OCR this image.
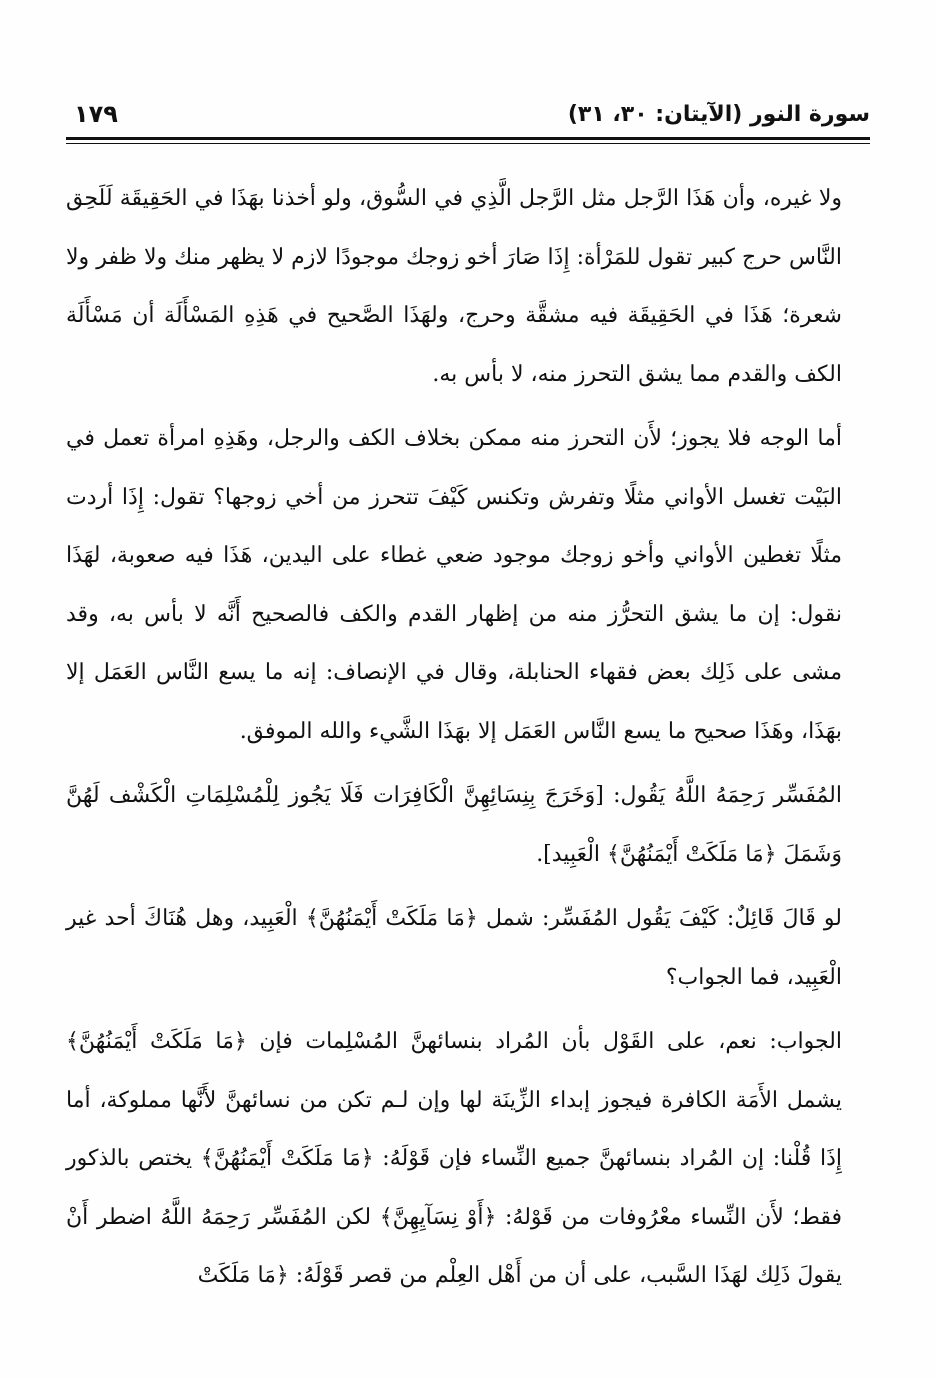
سورة النور (الآيتان: ٣٠، ٣١)
١٧٩

ولا غيره، وأن هَذَا الرَّجل مثل الرَّجل الَّذِي في السُّوق، ولو أخذنا بهَذَا في الحَقِيقَة لَلَحِق النَّاس حرج كبير تقول للمَرْأة: إِذَا صَارَ أخو زوجك موجودًا لازم لا يظهر منك ولا ظفر ولا شعرة؛ هَذَا في الحَقِيقَة فيه مشقَّة وحرج، ولهَذَا الصَّحيح في هَذِهِ المَسْأَلَة أن مَسْأَلَة الكف والقدم مما يشق التحرز منه، لا بأس به.

أما الوجه فلا يجوز؛ لأَن التحرز منه ممكن بخلاف الكف والرجل، وهَذِهِ امرأة تعمل في البَيْت تغسل الأواني مثلًا وتفرش وتكنس كَيْفَ تتحرز من أخي زوجها؟ تقول: إِذَا أردت مثلًا تغطين الأواني وأخو زوجك موجود ضعي غطاء على اليدين، هَذَا فيه صعوبة، لهَذَا نقول: إن ما يشق التحرُّز منه من إظهار القدم والكف فالصحيح أَنَّه لا بأس به، وقد مشى على ذَلِك بعض فقهاء الحنابلة، وقال في الإنصاف: إنه ما يسع النَّاس العَمَل إلا بهَذَا، وهَذَا صحيح ما يسع النَّاس العَمَل إلا بهَذَا الشَّيء والله الموفق.

المُفَسِّر رَحِمَهُ اللَّهُ يَقُول: [وَخَرَجَ بِنِسَائِهِنَّ الْكَافِرَات فَلَا يَجُوز لِلْمُسْلِمَاتِ الْكَشْف لَهُنَّ وَشَمَلَ ﴿مَا مَلَكَتْ أَيْمَنُهُنَّ﴾ الْعَبِيد].

لو قَالَ قَائِلٌ: كَيْفَ يَقُول المُفَسِّر: شمل ﴿مَا مَلَكَتْ أَيْمَنُهُنَّ﴾ الْعَبِيد، وهل هُنَاكَ أحد غير الْعَبِيد، فما الجواب؟

الجواب: نعم، على القَوْل بأن المُراد بنسائهنَّ المُسْلِمات فإن ﴿مَا مَلَكَتْ أَيْمَنُهُنَّ﴾ يشمل الأَمَة الكافرة فيجوز إبداء الزِّينَة لها وإن لـم تكن من نسائهنَّ لأَنَّها مملوكة، أما إِذَا قُلْنا: إن المُراد بنسائهنَّ جميع النِّساء فإن قَوْلَهُ: ﴿مَا مَلَكَتْ أَيْمَنُهُنَّ﴾ يختص بالذكور فقط؛ لأَن النِّساء معْرُوفات من قَوْلهُ: ﴿أَوْ نِسَآيِهِنَّ﴾ لكن المُفَسِّر رَحِمَهُ اللَّهُ اضطر أَنْ يقولَ ذَلِك لهَذَا السَّبب، على أن من أَهْل العِلْم من قصر قَوْلَهُ: ﴿مَا مَلَكَتْ
